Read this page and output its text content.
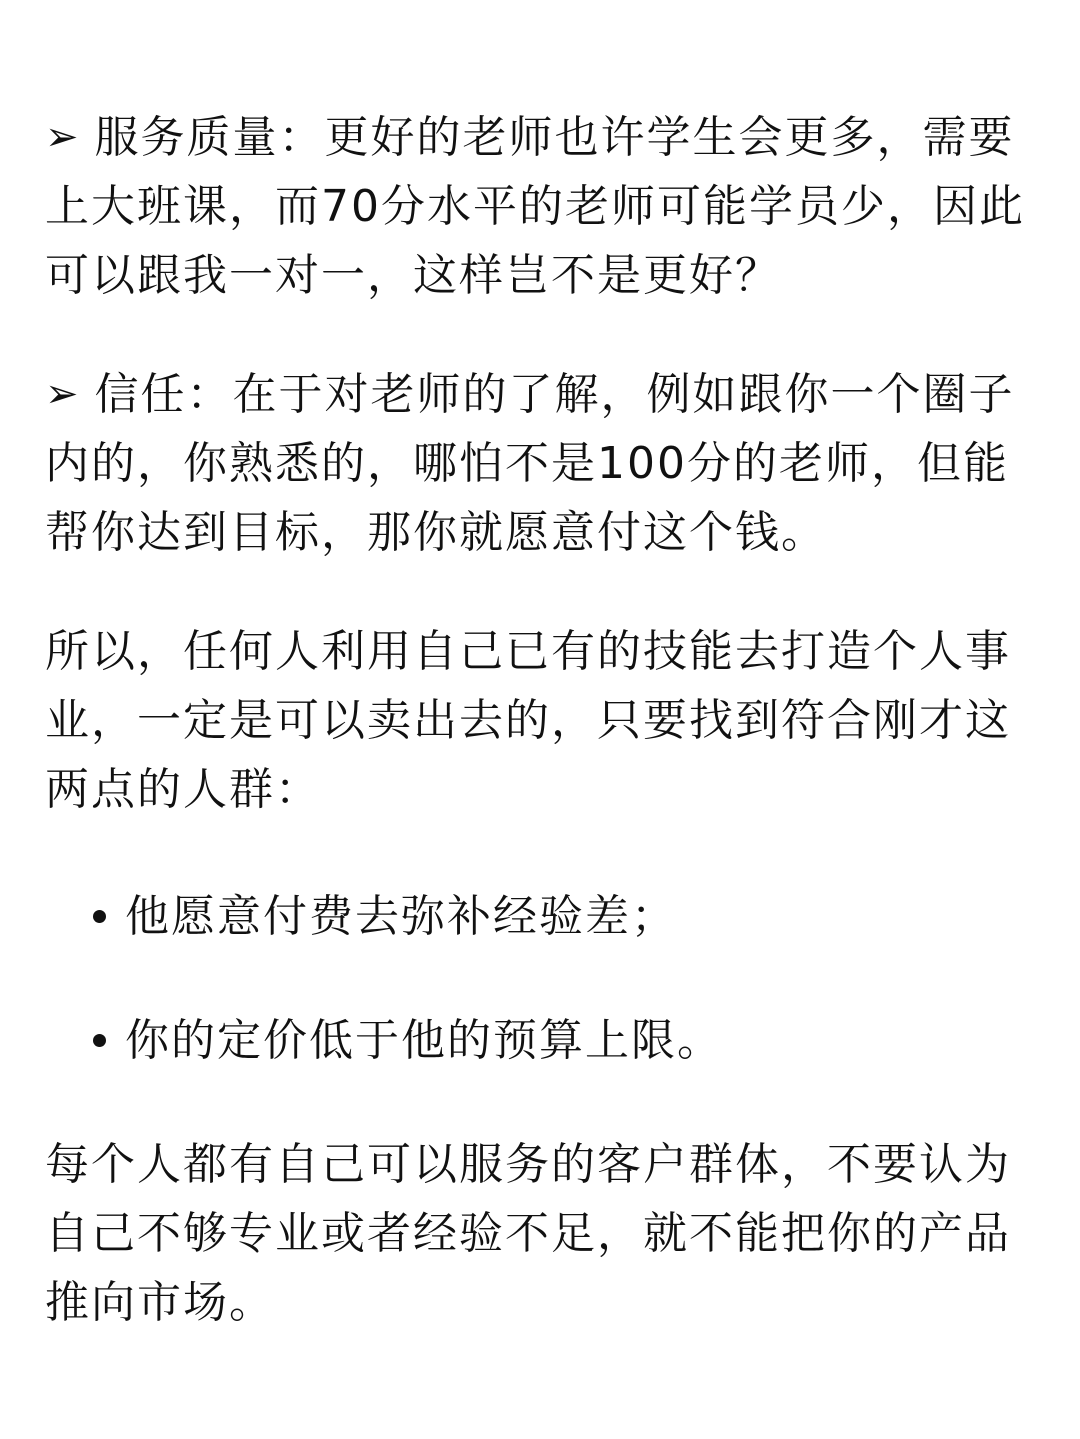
➢ 服务质量：更好的老师也许学生会更多，需要上大班课，而70分水平的老师可能学员少，因此可以跟我一对一，这样岂不是更好？

➢ 信任：在于对老师的了解，例如跟你一个圈子内的，你熟悉的，哪怕不是100分的老师，但能帮你达到目标，那你就愿意付这个钱。

所以，任何人利用自己已有的技能去打造个人事业，一定是可以卖出去的，只要找到符合刚才这两点的人群：

他愿意付费去弥补经验差；
你的定价低于他的预算上限。

每个人都有自己可以服务的客户群体，不要认为自己不够专业或者经验不足，就不能把你的产品推向市场。
